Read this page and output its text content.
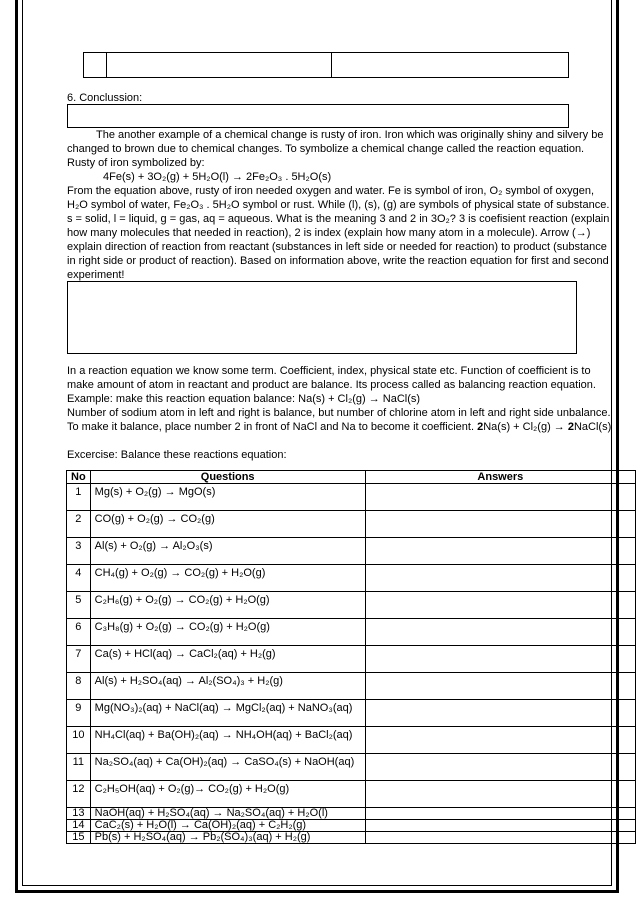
6. Conclussion:

The another example of a chemical change is rusty of iron. Iron which was originally shiny and silvery be changed to brown due to chemical changes. To symbolize a chemical change called the reaction equation. Rusty of iron symbolized by:

4Fe(s) + 3O₂(g) + 5H₂O(l) → 2Fe₂O₃ . 5H₂O(s)

From the equation above, rusty of iron needed oxygen and water. Fe is symbol of iron, O₂ symbol of oxygen, H₂O symbol of water, Fe₂O₃ . 5H₂O symbol or rust. While (l), (s), (g) are symbols of physical state of substance. s = solid, l = liquid, g = gas, aq = aqueous. What is the meaning 3 and 2 in 3O₂? 3 is coefisient reaction (explain how many molecules that needed in reaction), 2 is index (explain how many atom in a molecule). Arrow (→) explain direction of reaction from reactant (substances in left side or needed for reaction) to product (substance in right side or product of reaction). Based on information above, write the reaction equation for first and second experiment!

In a reaction equation we know some term. Coefficient, index, physical state etc. Function of coefficient is to make amount of atom in reactant and product are balance. Its process called as balancing reaction equation. Example: make this reaction equation balance: Na(s) + Cl₂(g) → NaCl(s)

Number of sodium atom in left and right is balance, but number of chlorine atom in left and right side unbalance. To make it balance, place number 2 in front of NaCl and Na to become it coefficient. 2Na(s) + Cl₂(g) → 2NaCl(s)

Excercise: Balance these reactions equation:

No	Questions	Answers
1	Mg(s) + O₂(g) → MgO(s)	
2	CO(g) + O₂(g) → CO₂(g)	
3	Al(s) + O₂(g) → Al₂O₃(s)	
4	CH₄(g) + O₂(g) → CO₂(g) + H₂O(g)	
5	C₂H₆(g) + O₂(g) → CO₂(g) + H₂O(g)	
6	C₃H₈(g) + O₂(g) → CO₂(g) + H₂O(g)	
7	Ca(s) + HCl(aq) → CaCl₂(aq) + H₂(g)	
8	Al(s) + H₂SO₄(aq) → Al₂(SO₄)₃ + H₂(g)	
9	Mg(NO₃)₂(aq) + NaCl(aq) → MgCl₂(aq) + NaNO₃(aq)	
10	NH₄Cl(aq) + Ba(OH)₂(aq) → NH₄OH(aq) + BaCl₂(aq)	
11	Na₂SO₄(aq) + Ca(OH)₂(aq) → CaSO₄(s) + NaOH(aq)	
12	C₂H₅OH(aq) + O₂(g)→ CO₂(g) + H₂O(g)	
13	NaOH(aq) + H₂SO₄(aq) → Na₂SO₄(aq) + H₂O(l)	
14	CaC₂(s) + H₂O(l) → Ca(OH)₂(aq) + C₂H₂(g)	
15	Pb(s) + H₂SO₄(aq) → Pb₂(SO₄)₃(aq) + H₂(g)	
